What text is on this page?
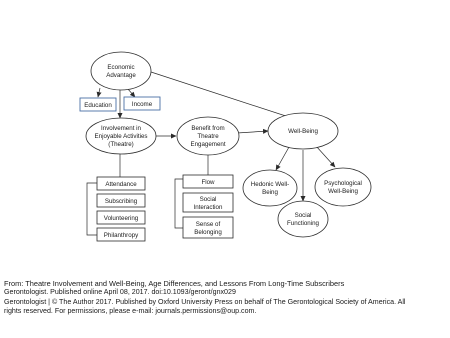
Economic Advantage
Involvement in Enjoyable Activities (Theatre)
Benefit from Theatre Engagement
Well-Being
Hedonic Well-Being
Psychological Well-Being
Social Functioning
Education	Income
Attendance
Subscribing
Volunteering
Philanthropy
Flow
Social Interaction
Sense of Belonging
From: Theatre Involvement and Well-Being, Age Differences, and Lessons From Long-Time Subscribers
Gerontologist. Published online April 08, 2017. doi:10.1093/geront/gnx029
Gerontologist | © The Author 2017. Published by Oxford University Press on behalf of The Gerontological Society of America. All
rights reserved. For permissions, please e-mail: journals.permissions@oup.com.
